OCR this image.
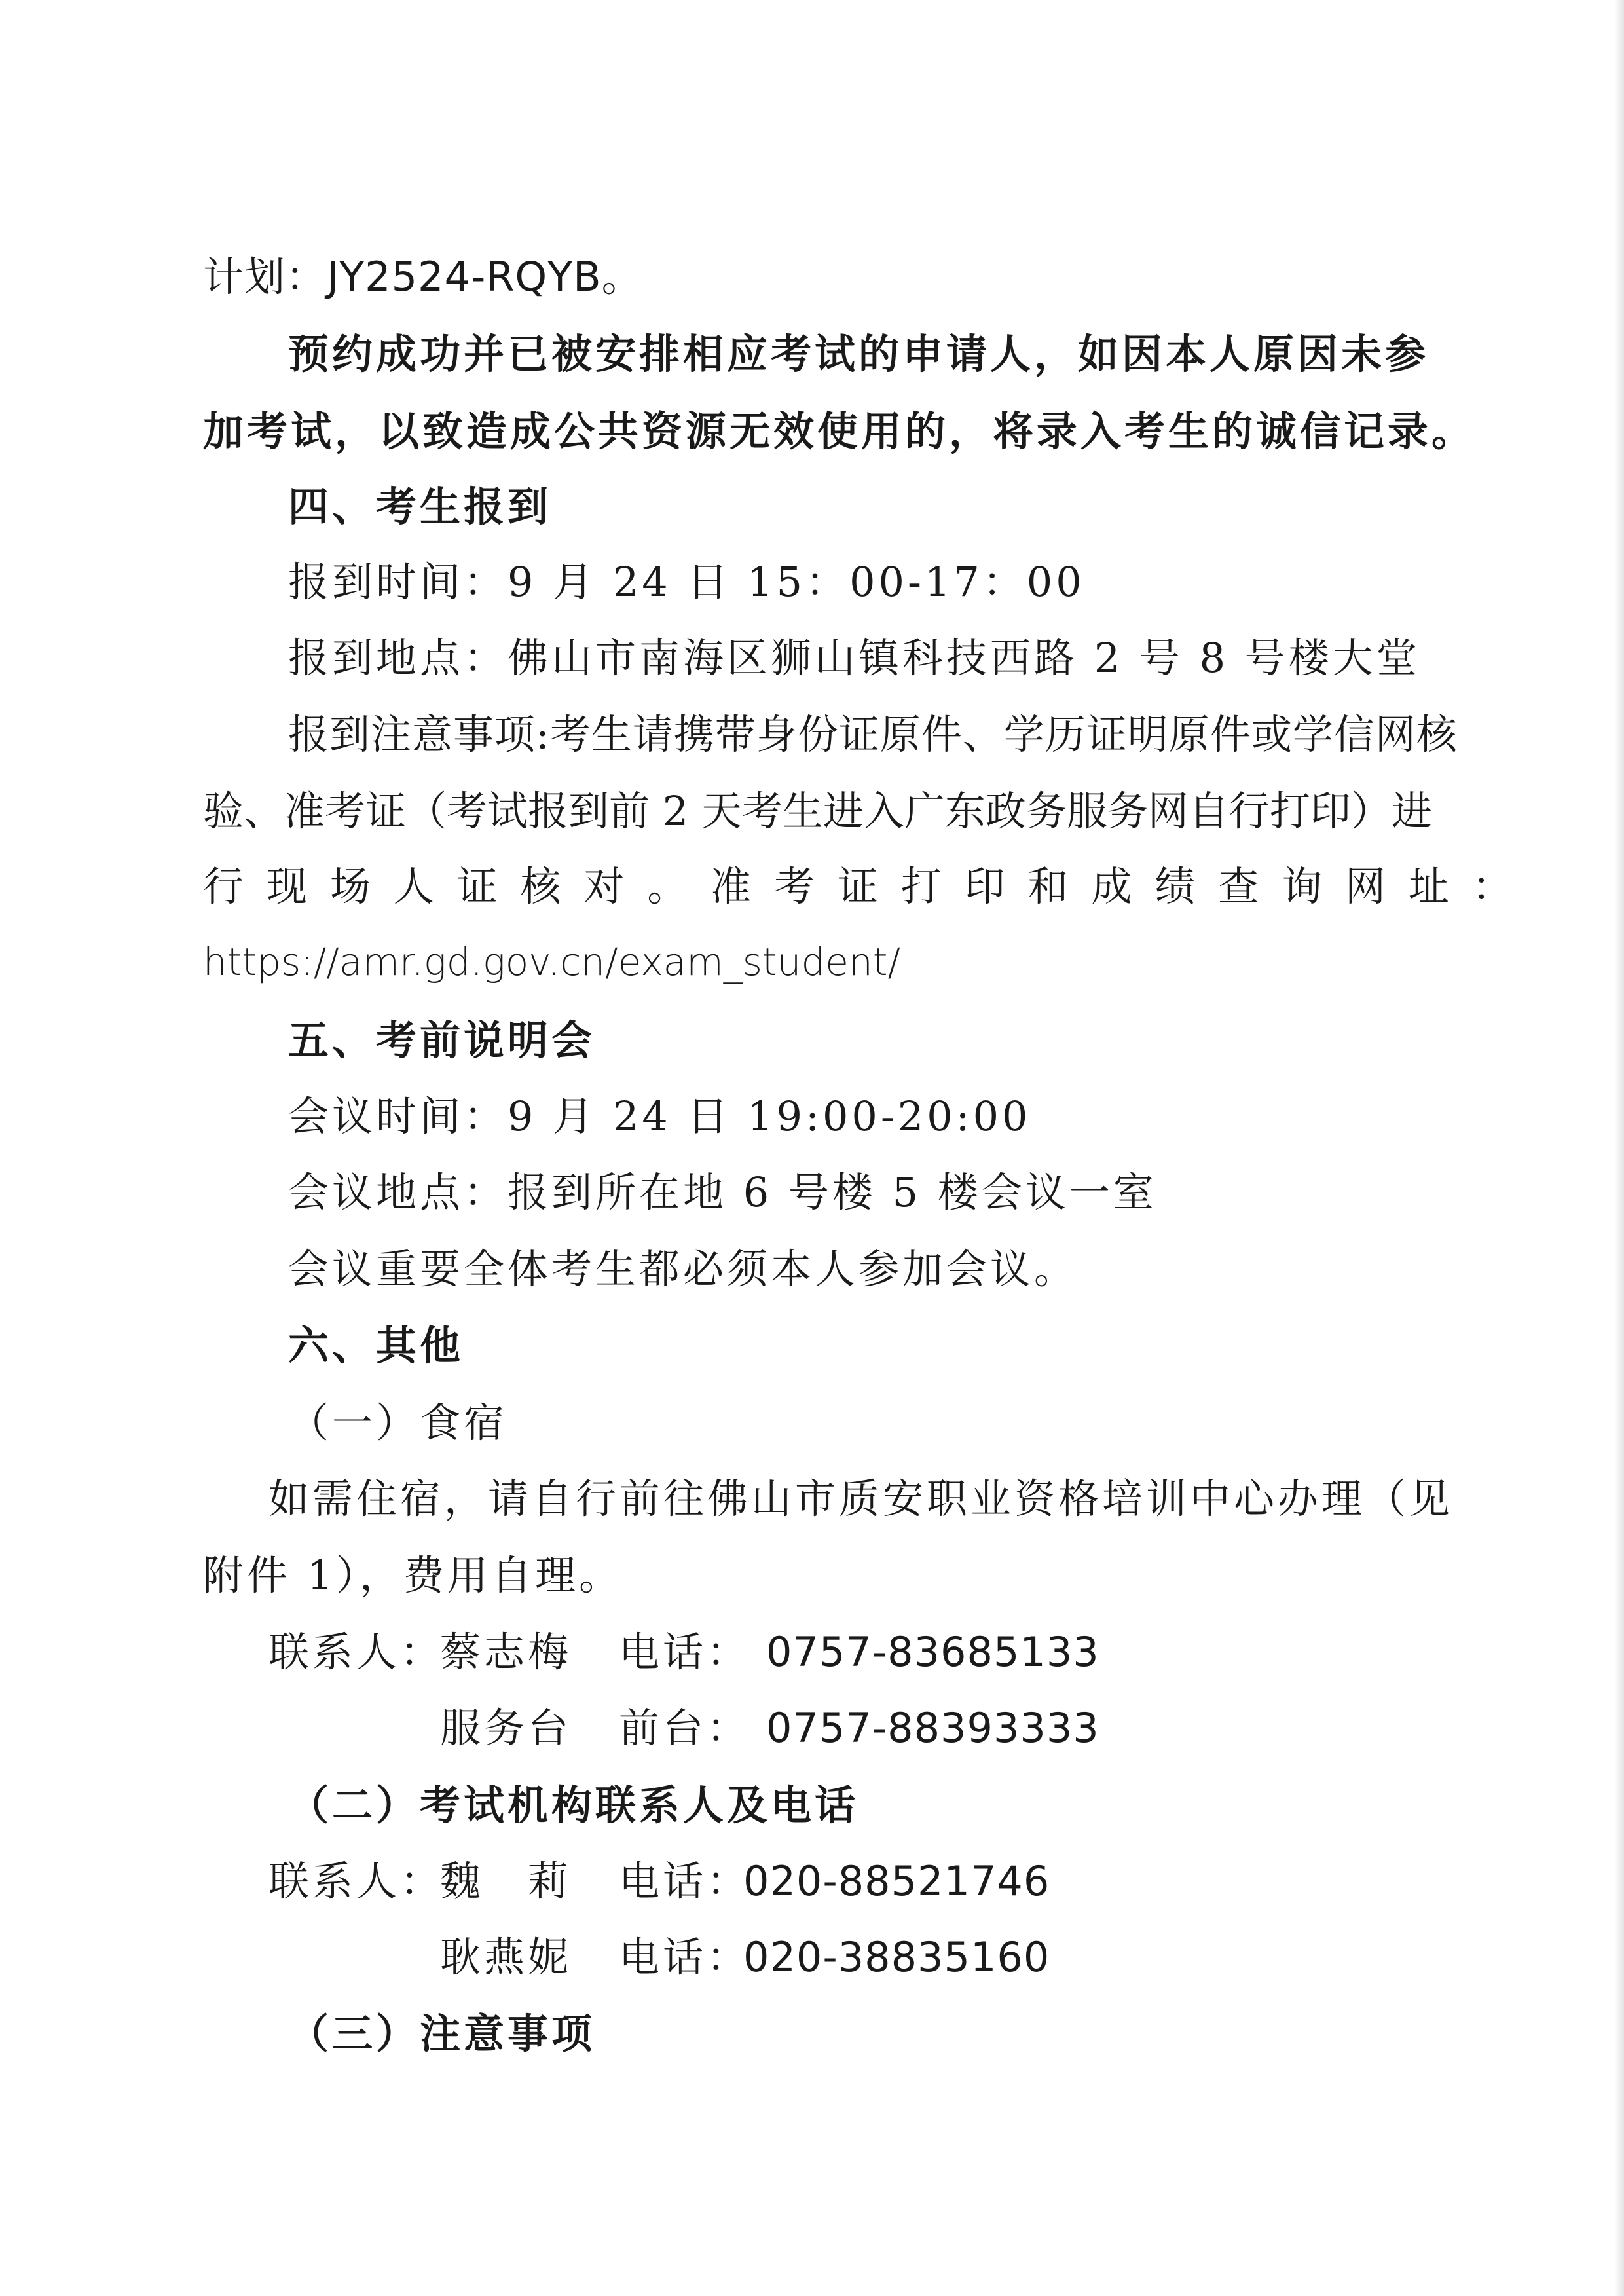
计划：JY2524-RQYB。

预约成功并已被安排相应考试的申请人，如因本人原因未参

加考试，以致造成公共资源无效使用的，将录入考生的诚信记录。

四、考生报到

报到时间：9 月 24 日 15：00-17：00

报到地点：佛山市南海区狮山镇科技西路 2 号 8 号楼大堂

报到注意事项:考生请携带身份证原件、学历证明原件或学信网核

验、准考证（考试报到前 2 天考生进入广东政务服务网自行打印）进

行 现 场 人 证 核 对 。 准 考 证 打 印 和 成 绩 查 询 网 址 ：

https://amr.gd.gov.cn/exam_student/

五、考前说明会

会议时间：9 月 24 日 19:00-20:00

会议地点：报到所在地 6 号楼 5 楼会议一室

会议重要全体考生都必须本人参加会议。

六、其他

（一）食宿

如需住宿，请自行前往佛山市质安职业资格培训中心办理（见

附件 1），费用自理。

联系人：

蔡志梅 电话： 0757-83685133

服务台 前台： 0757-88393333

（二）考试机构联系人及电话

联系人：

魏　莉 电话：

020-88521746

耿燕妮 电话：

020-38835160

（三）注意事项
